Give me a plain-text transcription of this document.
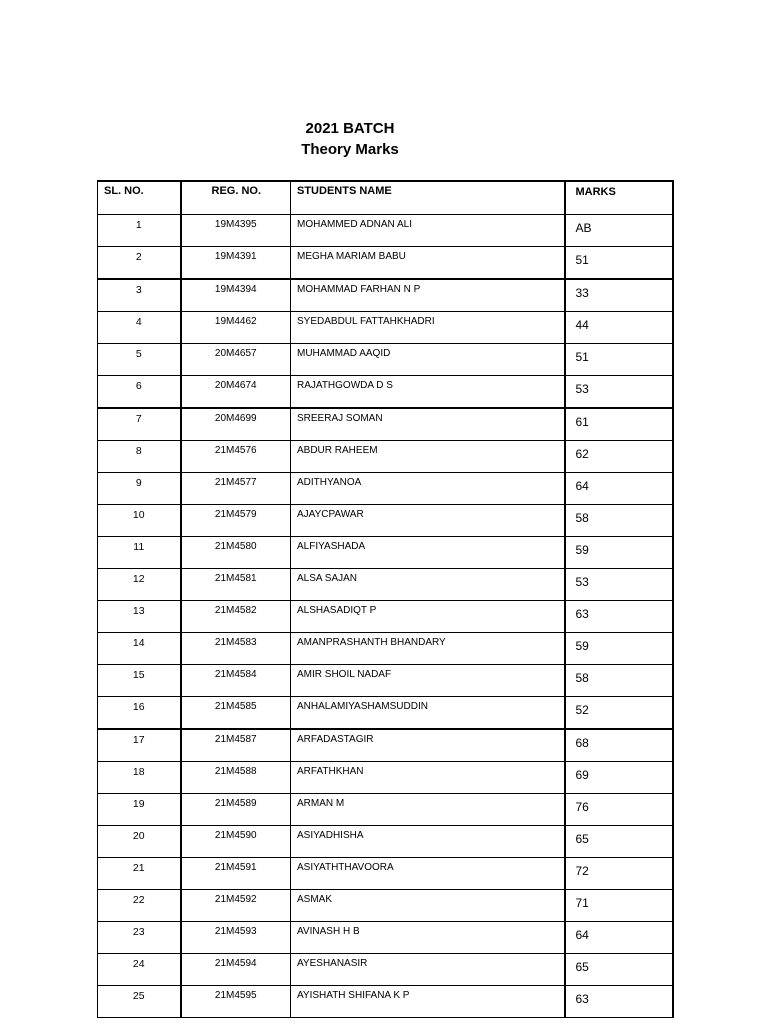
2021 BATCH
Theory Marks
SL. NO.	REG. NO.	STUDENTS NAME	MARKS
1	19M4395	MOHAMMED ADNAN ALI	AB
2	19M4391	MEGHA MARIAM BABU	51
3	19M4394	MOHAMMAD FARHAN N P	33
4	19M4462	SYEDABDUL FATTAHKHADRI	44
5	20M4657	MUHAMMAD AAQID	51
6	20M4674	RAJATHGOWDA D S	53
7	20M4699	SREERAJ SOMAN	61
8	21M4576	ABDUR RAHEEM	62
9	21M4577	ADITHYANOA	64
10	21M4579	AJAYCPAWAR	58
11	21M4580	ALFIYASHADA	59
12	21M4581	ALSA SAJAN	53
13	21M4582	ALSHASADIQT P	63
14	21M4583	AMANPRASHANTH BHANDARY	59
15	21M4584	AMIR SHOIL NADAF	58
16	21M4585	ANHALAMIYASHAMSUDDIN	52
17	21M4587	ARFADASTAGIR	68
18	21M4588	ARFATHKHAN	69
19	21M4589	ARMAN M	76
20	21M4590	ASIYADHISHA	65
21	21M4591	ASIYATHTHAVOORA	72
22	21M4592	ASMAK	71
23	21M4593	AVINASH H B	64
24	21M4594	AYESHANASIR	65
25	21M4595	AYISHATH SHIFANA K P	63
